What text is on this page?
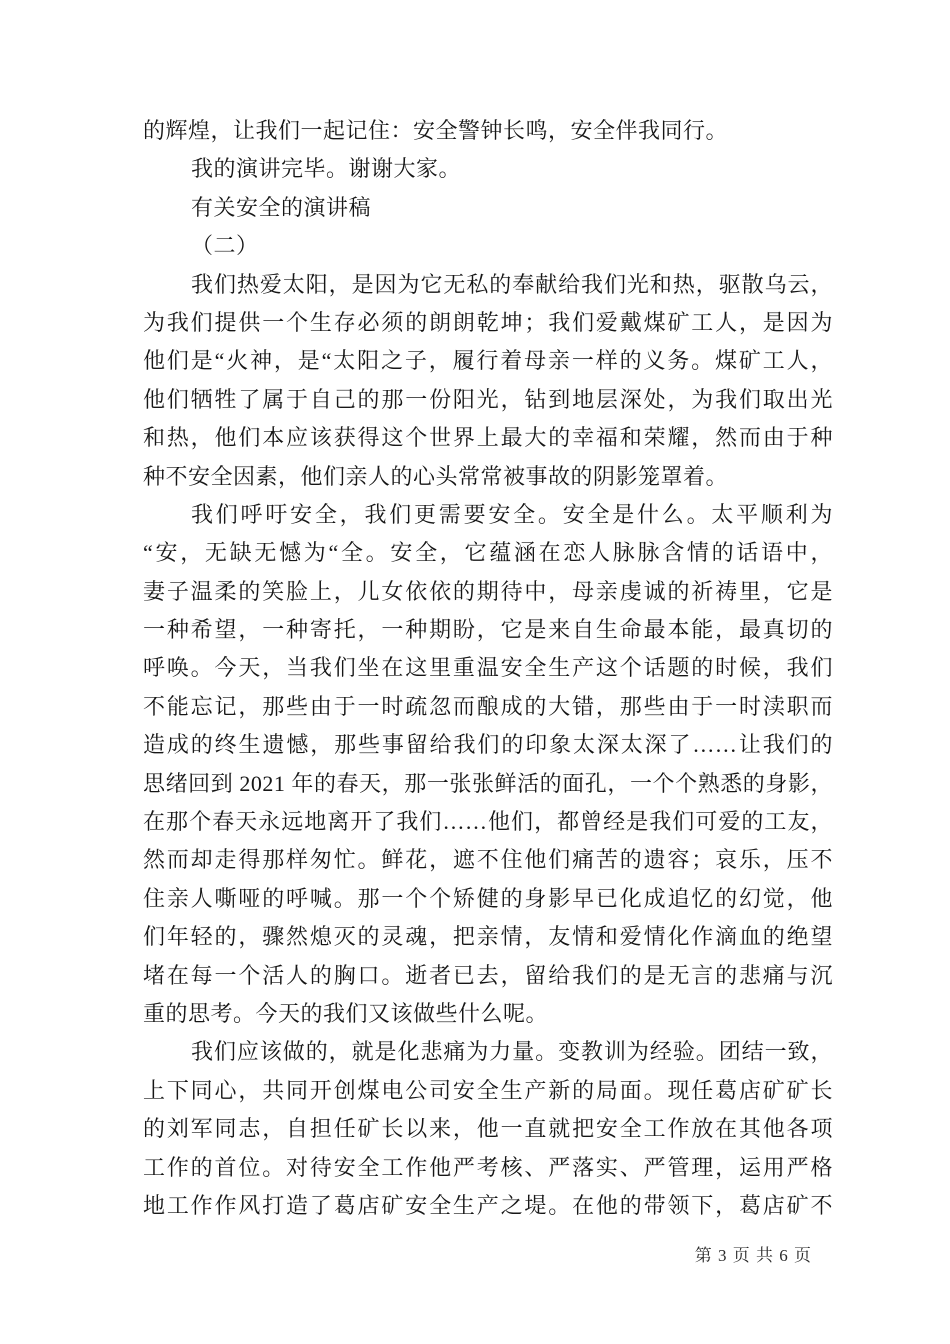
的辉煌，让我们一起记住：安全警钟长鸣，安全伴我同行。
我的演讲完毕。谢谢大家。
有关安全的演讲稿
（二）
我们热爱太阳，是因为它无私的奉献给我们光和热，驱散乌云，
为我们提供一个生存必须的朗朗乾坤；我们爱戴煤矿工人，是因为
他们是“火神，是“太阳之子，履行着母亲一样的义务。煤矿工人，
他们牺牲了属于自己的那一份阳光，钻到地层深处，为我们取出光
和热，他们本应该获得这个世界上最大的幸福和荣耀，然而由于种
种不安全因素，他们亲人的心头常常被事故的阴影笼罩着。
我们呼吁安全，我们更需要安全。安全是什么。太平顺利为
“安，无缺无憾为“全。安全，它蕴涵在恋人脉脉含情的话语中，
妻子温柔的笑脸上，儿女依依的期待中，母亲虔诚的祈祷里，它是
一种希望，一种寄托，一种期盼，它是来自生命最本能，最真切的
呼唤。今天，当我们坐在这里重温安全生产这个话题的时候，我们
不能忘记，那些由于一时疏忽而酿成的大错，那些由于一时渎职而
造成的终生遗憾，那些事留给我们的印象太深太深了……让我们的
思绪回到 2021 年的春天，那一张张鲜活的面孔，一个个熟悉的身影，
在那个春天永远地离开了我们……他们，都曾经是我们可爱的工友，
然而却走得那样匆忙。鲜花，遮不住他们痛苦的遗容；哀乐，压不
住亲人嘶哑的呼喊。那一个个矫健的身影早已化成追忆的幻觉，他
们年轻的，骤然熄灭的灵魂，把亲情，友情和爱情化作滴血的绝望
堵在每一个活人的胸口。逝者已去，留给我们的是无言的悲痛与沉
重的思考。今天的我们又该做些什么呢。
我们应该做的，就是化悲痛为力量。变教训为经验。团结一致，
上下同心，共同开创煤电公司安全生产新的局面。现任葛店矿矿长
的刘军同志，自担任矿长以来，他一直就把安全工作放在其他各项
工作的首位。对待安全工作他严考核、严落实、严管理，运用严格
地工作作风打造了葛店矿安全生产之堤。在他的带领下，葛店矿不
第 3 页 共 6 页
